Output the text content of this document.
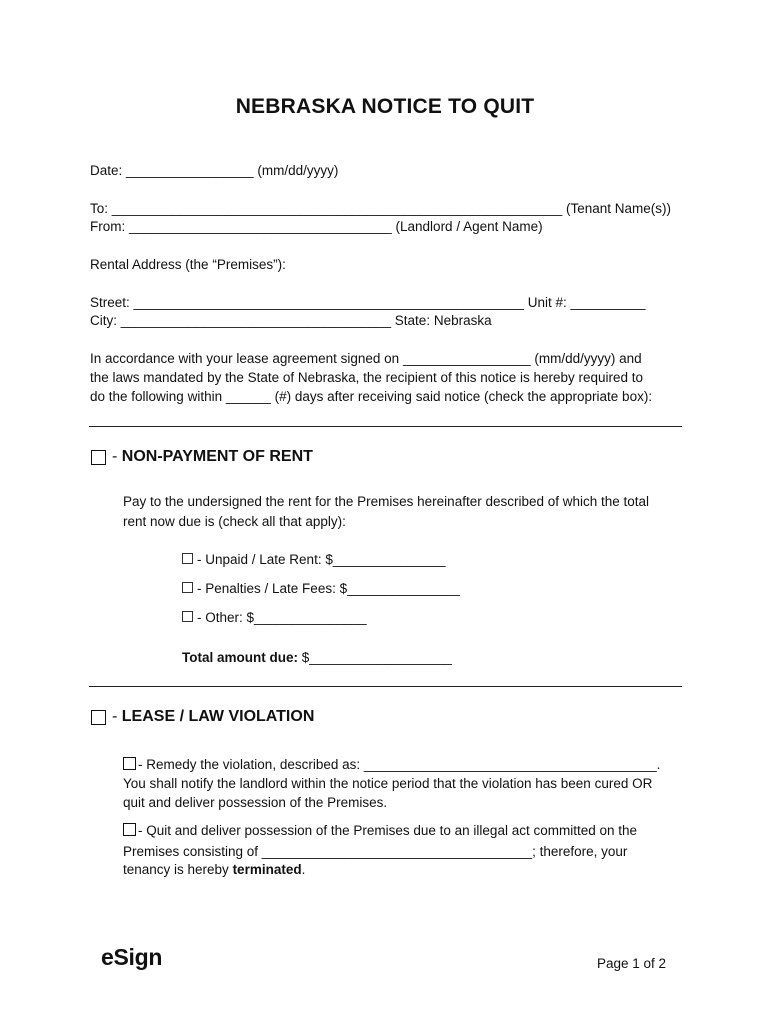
NEBRASKA NOTICE TO QUIT
Date: _________________ (mm/dd/yyyy)
To: ____________________________________________________________ (Tenant Name(s))
From: ___________________________________ (Landlord / Agent Name)
Rental Address (the “Premises”):
Street: ____________________________________________________ Unit #: __________
City: ____________________________________ State: Nebraska
In accordance with your lease agreement signed on _________________ (mm/dd/yyyy) and
the laws mandated by the State of Nebraska, the recipient of this notice is hereby required to
do the following within ______ (#) days after receiving said notice (check the appropriate box):
- NON-PAYMENT OF RENT
Pay to the undersigned the rent for the Premises hereinafter described of which the total
rent now due is (check all that apply):
- Unpaid / Late Rent: $_______________
- Penalties / Late Fees: $_______________
- Other: $_______________
Total amount due: $___________________
- LEASE / LAW VIOLATION
- Remedy the violation, described as: _______________________________________.
You shall notify the landlord within the notice period that the violation has been cured OR
quit and deliver possession of the Premises.
- Quit and deliver possession of the Premises due to an illegal act committed on the
Premises consisting of ____________________________________; therefore, your
tenancy is hereby terminated.
eSign	Page 1 of 2
